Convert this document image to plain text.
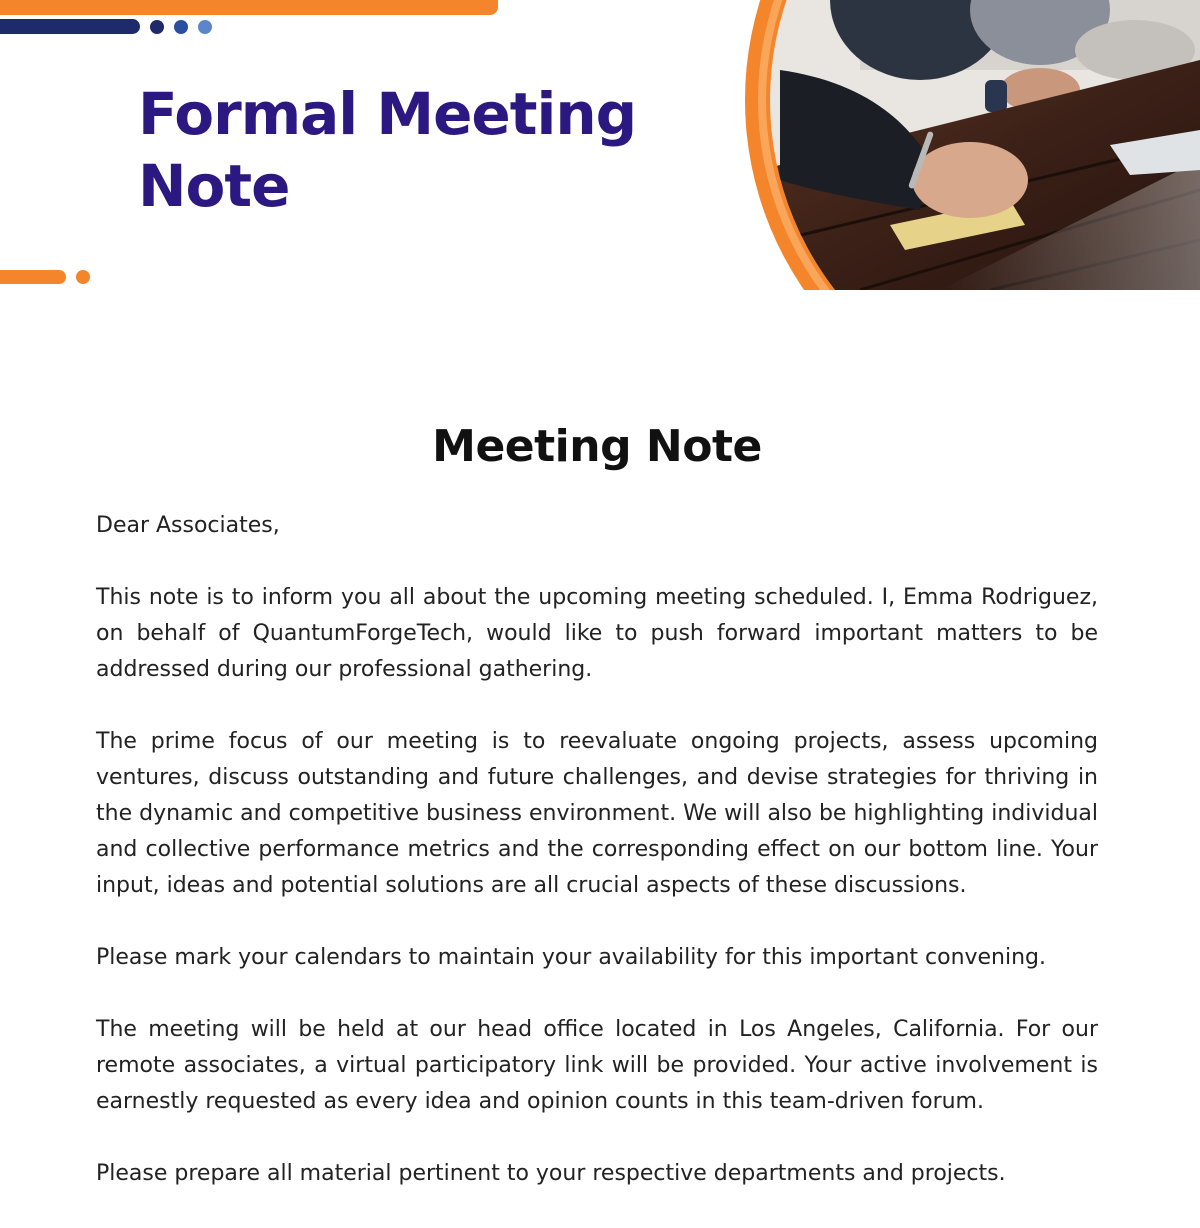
Formal Meeting Note
Meeting Note

Dear Associates,

This note is to inform you all about the upcoming meeting scheduled. I, Emma Rodriguez, on behalf of QuantumForgeTech, would like to push forward important matters to be addressed during our professional gathering.

The prime focus of our meeting is to reevaluate ongoing projects, assess upcoming ventures, discuss outstanding and future challenges, and devise strategies for thriving in the dynamic and competitive business environment. We will also be highlighting individual and collective performance metrics and the corresponding effect on our bottom line. Your input, ideas and potential solutions are all crucial aspects of these discussions.

Please mark your calendars to maintain your availability for this important convening.

The meeting will be held at our head office located in Los Angeles, California. For our remote associates, a virtual participatory link will be provided. Your active involvement is earnestly requested as every idea and opinion counts in this team-driven forum.

Please prepare all material pertinent to your respective departments and projects.
